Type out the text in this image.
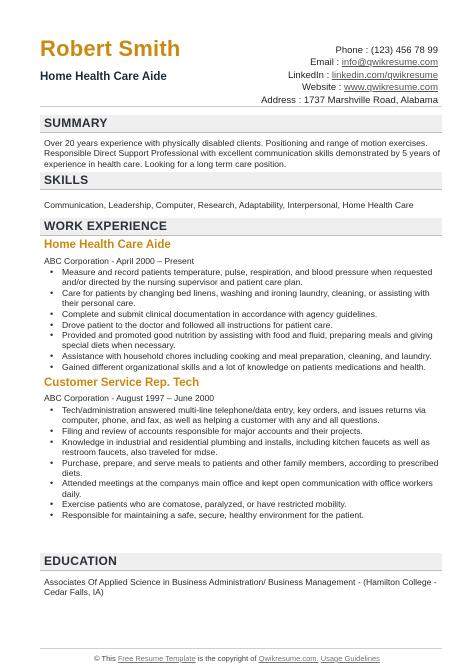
Robert Smith
Home Health Care Aide
Phone : (123) 456 78 99
Email : info@qwikresume.com
LinkedIn : linkedin.com/qwikresume
Website : www.qwikresume.com
Address : 1737 Marshville Road, Alabama
SUMMARY
Over 20 years experience with physically disabled clients. Positioning and range of motion exercises. Responsible Direct Support Professional with excellent communication skills demonstrated by 5 years of experience in health care. Looking for a long term care position.
SKILLS
Communication, Leadership, Computer, Research, Adaptability, Interpersonal, Home Health Care
WORK EXPERIENCE
Home Health Care Aide
ABC Corporation - April 2000 – Present
• Measure and record patients temperature, pulse, respiration, and blood pressure when requested and/or directed by the nursing supervisor and patient care plan.
• Care for patients by changing bed linens, washing and ironing laundry, cleaning, or assisting with their personal care.
• Complete and submit clinical documentation in accordance with agency guidelines.
• Drove patient to the doctor and followed all instructions for patient care.
• Provided and promoted good nutrition by assisting with food and fluid, preparing meals and giving special diets when necessary.
• Assistance with household chores including cooking and meal preparation, cleaning, and laundry.
• Gained different organizational skills and a lot of knowledge on patients medications and health.
Customer Service Rep. Tech
ABC Corporation - August 1997 – June 2000
• Tech/administration answered multi-line telephone/data entry, key orders, and issues returns via computer, phone, and fax, as well as helping a customer with any and all questions.
• Filing and review of accounts responsible for major accounts and their projects.
• Knowledge in industrial and residential plumbing and installs, including kitchen faucets as well as restroom faucets, also traveled for mdse.
• Purchase, prepare, and serve meals to patients and other family members, according to prescribed diets.
• Attended meetings at the companys main office and kept open communication with office workers daily.
• Exercise patients who are comatose, paralyzed, or have restricted mobility.
• Responsible for maintaining a safe, secure, healthy environment for the patient.
EDUCATION
Associates Of Applied Science in Business Administration/ Business Management - (Hamilton College - Cedar Falls, IA)
© This Free Resume Template is the copyright of Qwikresume.com. Usage Guidelines
